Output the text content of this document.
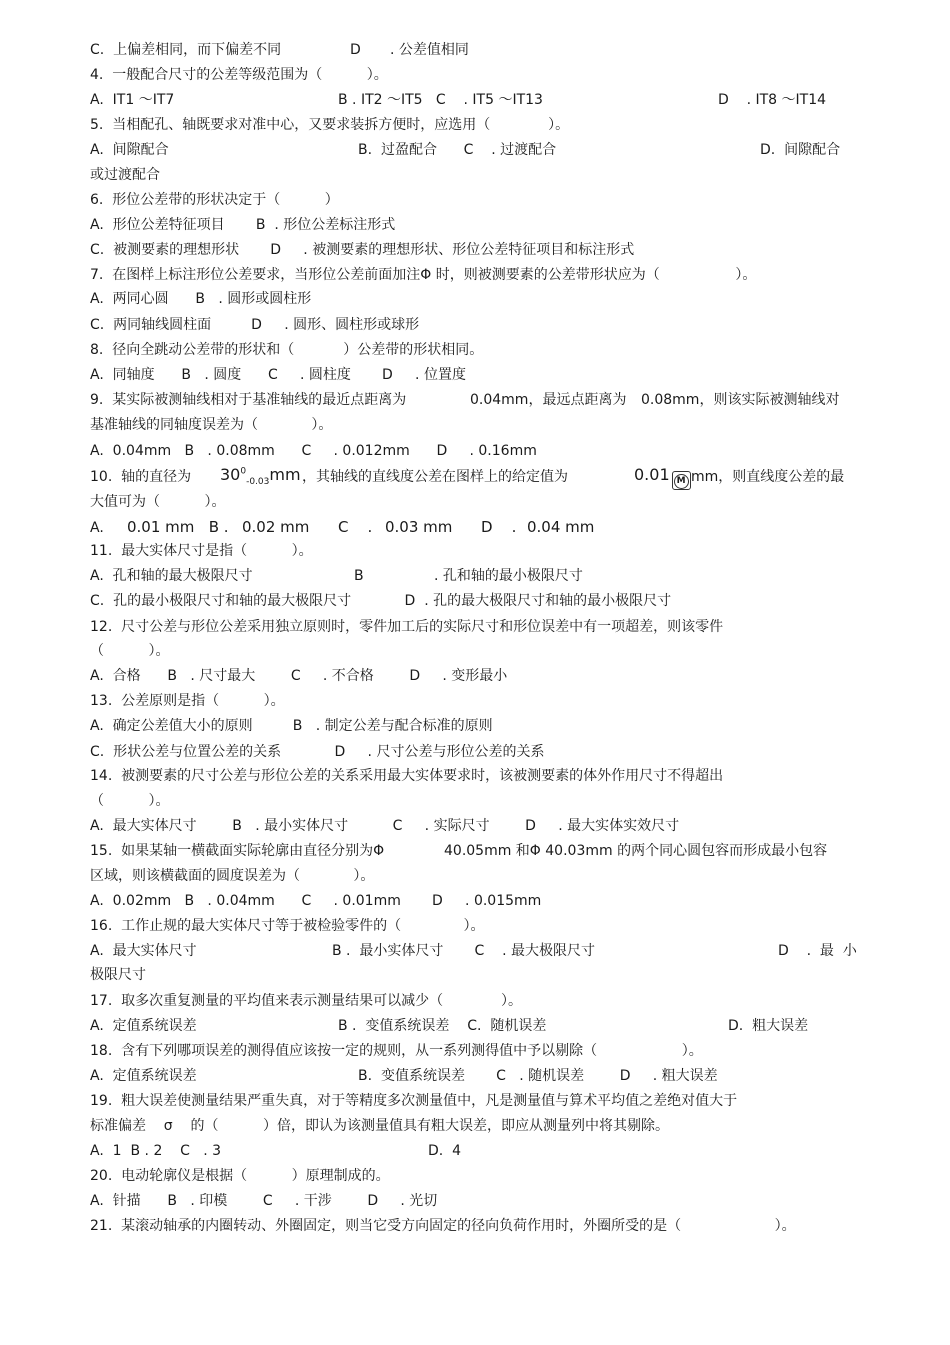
C.  上偏差相同，而下偏差不同	D . 公差值相同
4.  一般配合尺寸的公差等级范围为（          ）。
A.  IT1 ～IT7	B . IT2 ～IT5   C    . IT5 ～IT13	D    . IT8 ～IT14
5.  当相配孔、轴既要求对准中心，又要求装拆方便时，应选用（             ）。
A.  间隙配合	B.  过盈配合      C    . 过渡配合	D.  间隙配合
或过渡配合
6.  形位公差带的形状决定于（          ）
A.  形位公差特征项目       B  . 形位公差标注形式
C.  被测要素的理想形状       D     . 被测要素的理想形状、形位公差特征项目和标注形式
7.  在图样上标注形位公差要求，当形位公差前面加注Φ 时，则被测要素的公差带形状应为（                 ）。
A.  两同心圆      B   . 圆形或圆柱形
C.  两同轴线圆柱面         D     . 圆形、圆柱形或球形
8.  径向全跳动公差带的形状和（           ）公差带的形状相同。
A.  同轴度      B   . 圆度      C     . 圆柱度       D     . 位置度
9.  某实际被测轴线相对于基准轴线的最近点距离为	0.04mm，最远点距离为 0.08mm，则该实际被测轴线对
基准轴线的同轴度误差为（            ）。
A.  0.04mm   B   . 0.08mm      C     . 0.012mm      D     . 0.16mm
10.  轴的直径为 $30^0_{-0.03}mm$ ，其轴线的直线度公差在图样上的给定值为	0.01 M mm，则直线度公差的最
大值可为（          ）。
A. 0.01 mm   B . 0.02 mm      C    . 0.03 mm      D    . 0.04 mm
11.  最大实体尺寸是指（          ）。
A.  孔和轴的最大极限尺寸	B	. 孔和轴的最小极限尺寸
C.  孔的最小极限尺寸和轴的最大极限尺寸            D  . 孔的最大极限尺寸和轴的最小极限尺寸
12.  尺寸公差与形位公差采用独立原则时，零件加工后的实际尺寸和形位误差中有一项超差，则该零件
（          ）。
A.  合格      B   . 尺寸最大        C     . 不合格        D     . 变形最小
13.  公差原则是指（          ）。
A.  确定公差值大小的原则         B   . 制定公差与配合标准的原则
C.  形状公差与位置公差的关系            D     . 尺寸公差与形位公差的关系
14.  被测要素的尺寸公差与形位公差的关系采用最大实体要求时，该被测要素的体外作用尺寸不得超出
（          ）。
A.  最大实体尺寸        B   . 最小实体尺寸          C     . 实际尺寸        D     . 最大实体实效尺寸
15.  如果某轴一横截面实际轮廓由直径分别为Φ	40.05mm 和Φ 40.03mm 的两个同心圆包容而形成最小包容
区域，则该横截面的圆度误差为（            ）。
A.  0.02mm   B   . 0.04mm      C     . 0.01mm       D     . 0.015mm
16.  工作止规的最大实体尺寸等于被检验零件的（              ）。
A.  最大实体尺寸	B .  最小实体尺寸       C    . 最大极限尺寸	D    .  最  小
极限尺寸
17.  取多次重复测量的平均值来表示测量结果可以减少（             ）。
A.  定值系统误差	B .  变值系统误差    C.  随机误差	D.  粗大误差
18.  含有下列哪项误差的测得值应该按一定的规则，从一系列测得值中予以剔除（                   ）。
A.  定值系统误差	B.  变值系统误差       C   . 随机误差        D     . 粗大误差
19.  粗大误差使测量结果严重失真，对于等精度多次测量值中，凡是测量值与算术平均值之差绝对值大于
标准偏差    σ    的（          ）倍，即认为该测量值具有粗大误差，即应从测量列中将其剔除。
A.  1  B . 2    C   . 3	D.  4
20.  电动轮廓仪是根据（          ）原理制成的。
A.  针描      B   . 印模        C     . 干涉        D     . 光切
21.  某滚动轴承的内圈转动、外圈固定，则当它受方向固定的径向负荷作用时，外圈所受的是（                     ）。
